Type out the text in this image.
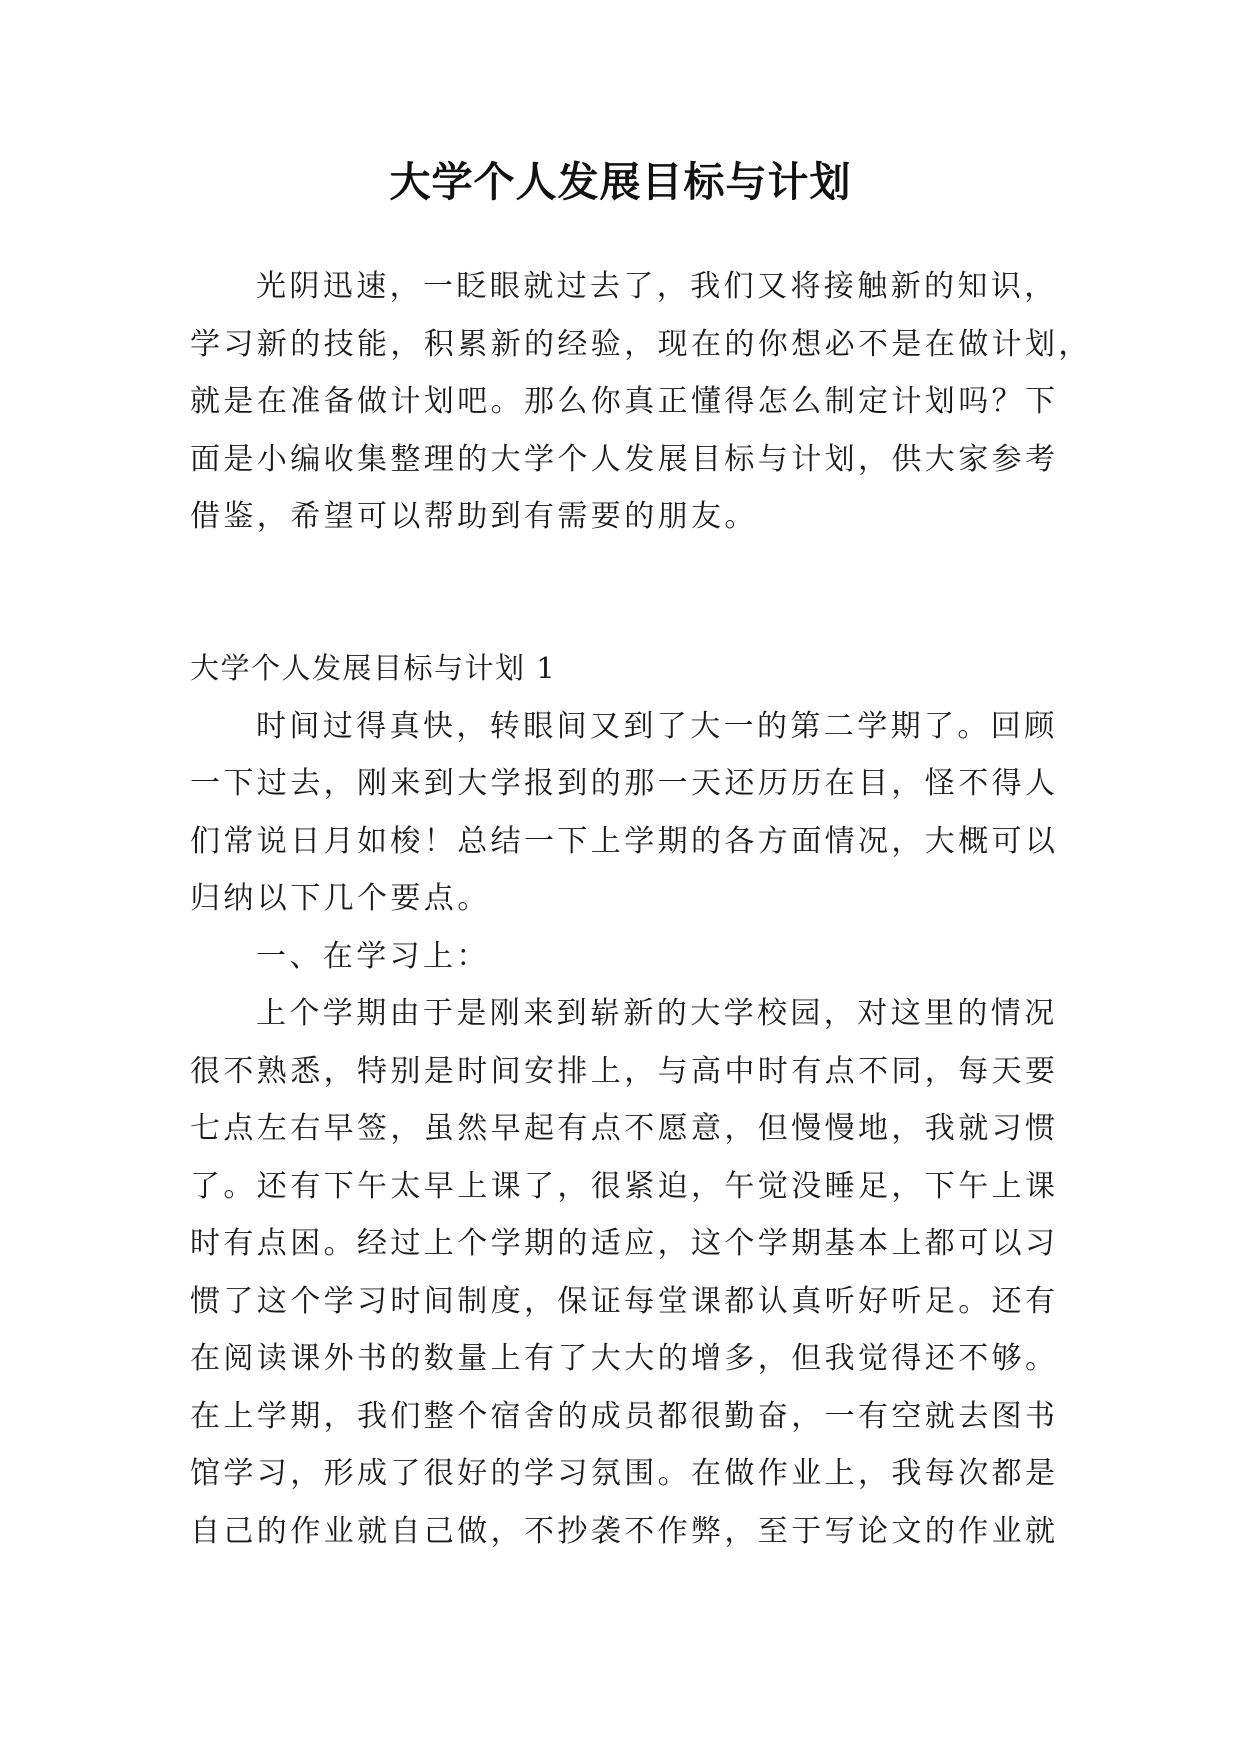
大学个人发展目标与计划
光阴迅速，一眨眼就过去了，我们又将接触新的知识，
学习新的技能，积累新的经验，现在的你想必不是在做计划，
就是在准备做计划吧。那么你真正懂得怎么制定计划吗？下
面是小编收集整理的大学个人发展目标与计划，供大家参考
借鉴，希望可以帮助到有需要的朋友。
大学个人发展目标与计划 1
时间过得真快，转眼间又到了大一的第二学期了。回顾
一下过去，刚来到大学报到的那一天还历历在目，怪不得人
们常说日月如梭！总结一下上学期的各方面情况，大概可以
归纳以下几个要点。
一、在学习上：
上个学期由于是刚来到崭新的大学校园，对这里的情况
很不熟悉，特别是时间安排上，与高中时有点不同，每天要
七点左右早签，虽然早起有点不愿意，但慢慢地，我就习惯
了。还有下午太早上课了，很紧迫，午觉没睡足，下午上课
时有点困。经过上个学期的适应，这个学期基本上都可以习
惯了这个学习时间制度，保证每堂课都认真听好听足。还有
在阅读课外书的数量上有了大大的增多，但我觉得还不够。
在上学期，我们整个宿舍的成员都很勤奋，一有空就去图书
馆学习，形成了很好的学习氛围。在做作业上，我每次都是
自己的作业就自己做，不抄袭不作弊，至于写论文的作业就
